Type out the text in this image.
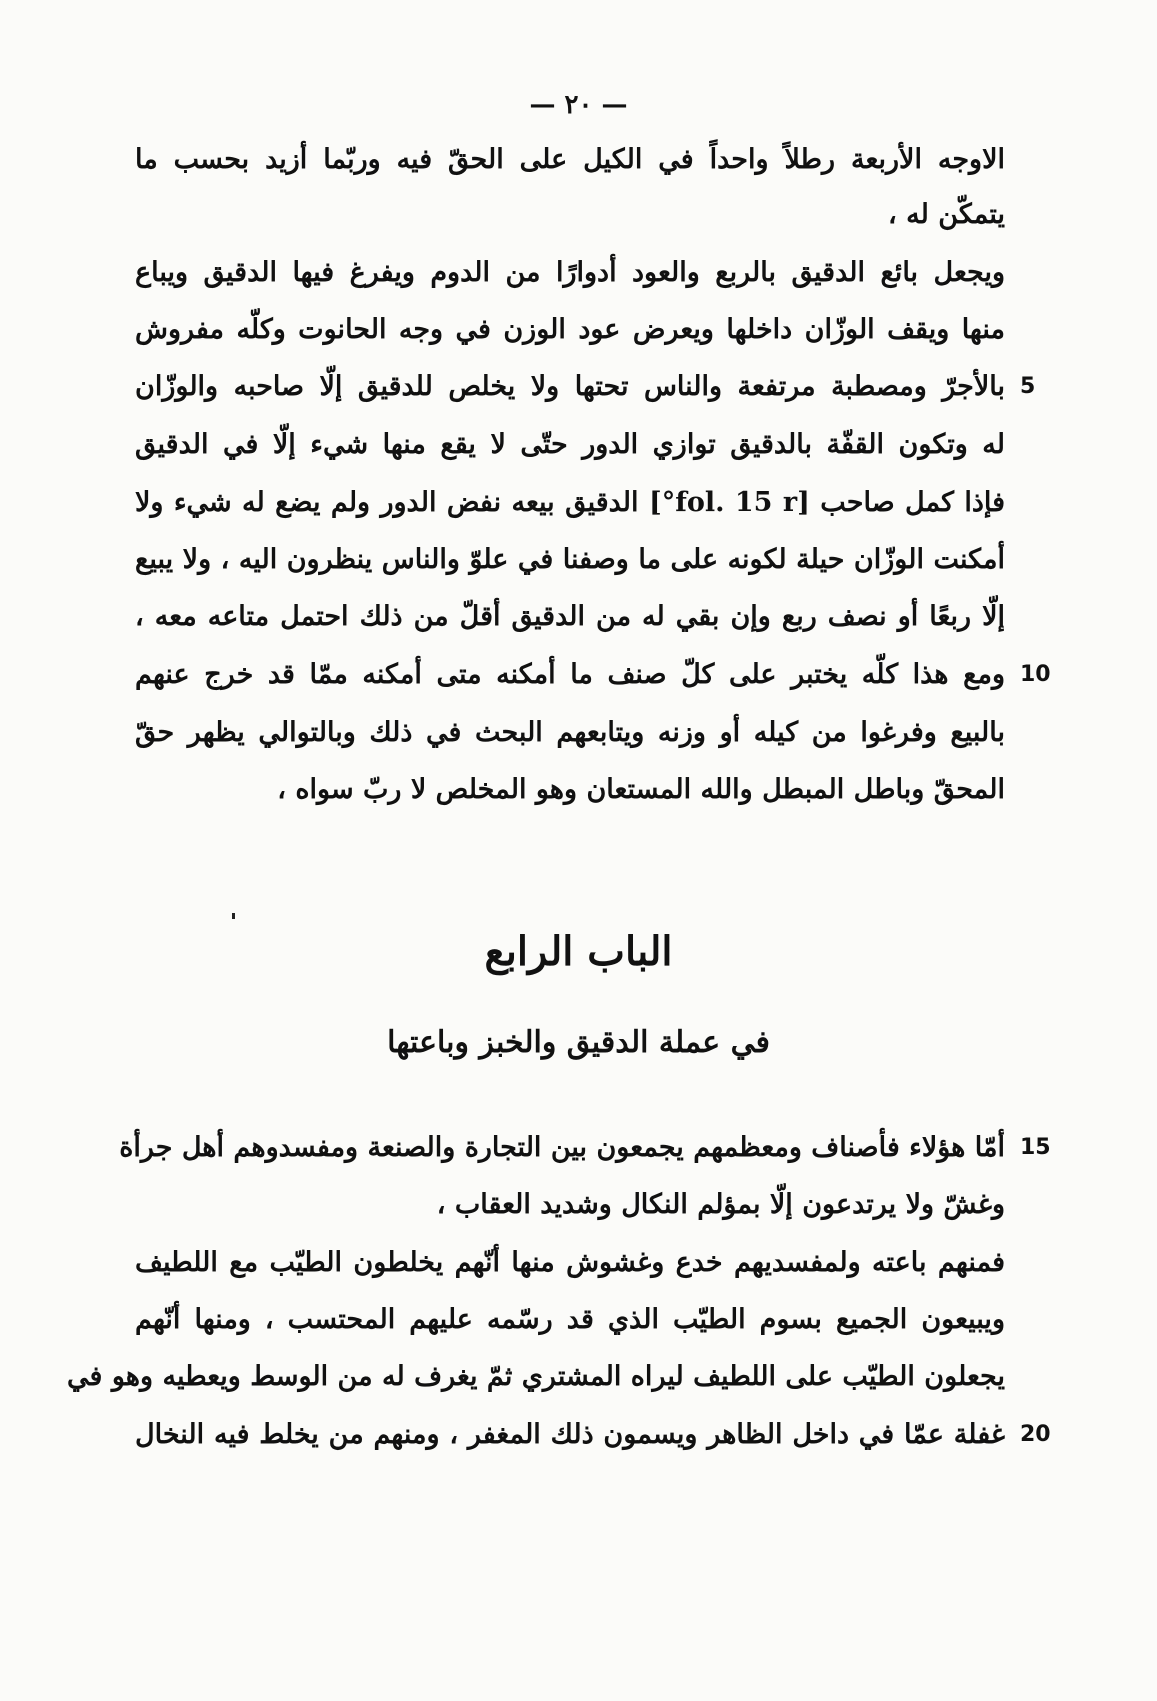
— ٢٠ —
الاوجه الأربعة رطلاً واحداً في الكيل على الحقّ فيه وربّما أزيد بحسب ما
يتمكّن له ،
ويجعل بائع الدقيق بالربع والعود أدوارًا من الدوم ويفرغ فيها الدقيق ويباع
منها ويقف الوزّان داخلها ويعرض عود الوزن في وجه الحانوت وكلّه مفروش
5
بالأجرّ ومصطبة مرتفعة والناس تحتها ولا يخلص للدقيق إلّا صاحبه والوزّان
له وتكون القفّة بالدقيق توازي الدور حتّى لا يقع منها شيء إلّا في الدقيق
فإذا كمل صاحب [fol. 15 r°] الدقيق بيعه نفض الدور ولم يضع له شيء ولا
أمكنت الوزّان حيلة لكونه على ما وصفنا في علوّ والناس ينظرون اليه ، ولا يبيع
إلّا ربعًا أو نصف ربع وإن بقي له من الدقيق أقلّ من ذلك احتمل متاعه معه ،
10
ومع هذا كلّه يختبر على كلّ صنف ما أمكنه متى أمكنه ممّا قد خرج عنهم
بالبيع وفرغوا من كيله أو وزنه ويتابعهم البحث في ذلك وبالتوالي يظهر حقّ
المحقّ وباطل المبطل والله المستعان وهو المخلص لا ربّ سواه ،
الباب الرابع
في عملة الدقيق والخبز وباعتها
15
أمّا هؤلاء فأصناف ومعظمهم يجمعون بين التجارة والصنعة ومفسدوهم أهل جرأة
وغشّ ولا يرتدعون إلّا بمؤلم النكال وشديد العقاب ،
فمنهم باعته ولمفسديهم خدع وغشوش منها أنّهم يخلطون الطيّب مع اللطيف
ويبيعون الجميع بسوم الطيّب الذي قد رسّمه عليهم المحتسب ، ومنها أنّهم
يجعلون الطيّب على اللطيف ليراه المشتري ثمّ يغرف له من الوسط ويعطيه وهو في
20
غفلة عمّا في داخل الظاهر ويسمون ذلك المغفر ، ومنهم من يخلط فيه النخال
